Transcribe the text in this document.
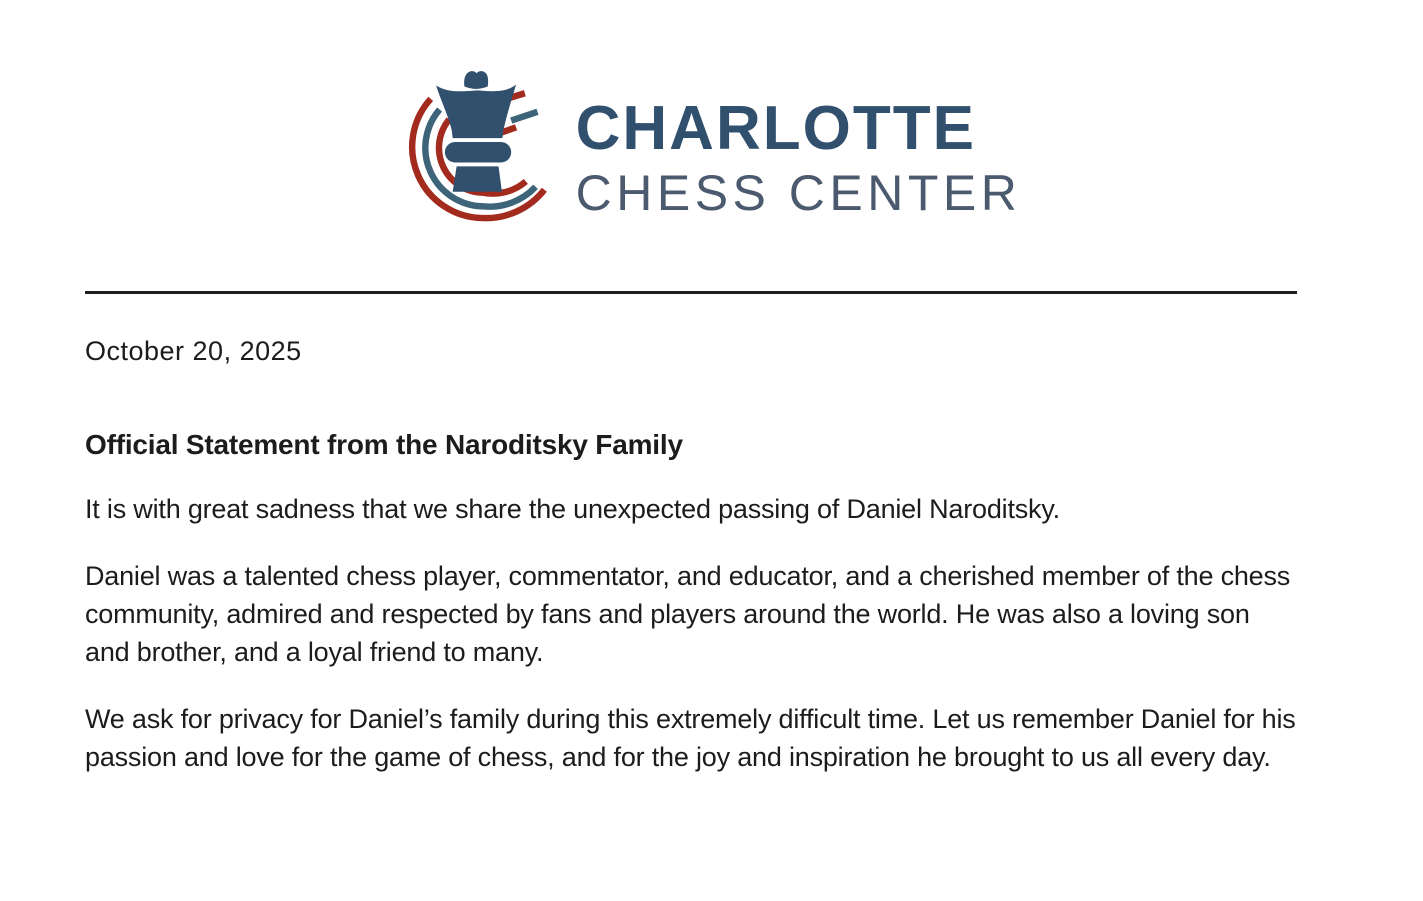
CHARLOTTE
CHESS CENTER

October 20, 2025

Official Statement from the Naroditsky Family

It is with great sadness that we share the unexpected passing of Daniel Naroditsky.

Daniel was a talented chess player, commentator, and educator, and a cherished member of the chess community, admired and respected by fans and players around the world. He was also a loving son and brother, and a loyal friend to many.

We ask for privacy for Daniel’s family during this extremely difficult time. Let us remember Daniel for his passion and love for the game of chess, and for the joy and inspiration he brought to us all every day.
